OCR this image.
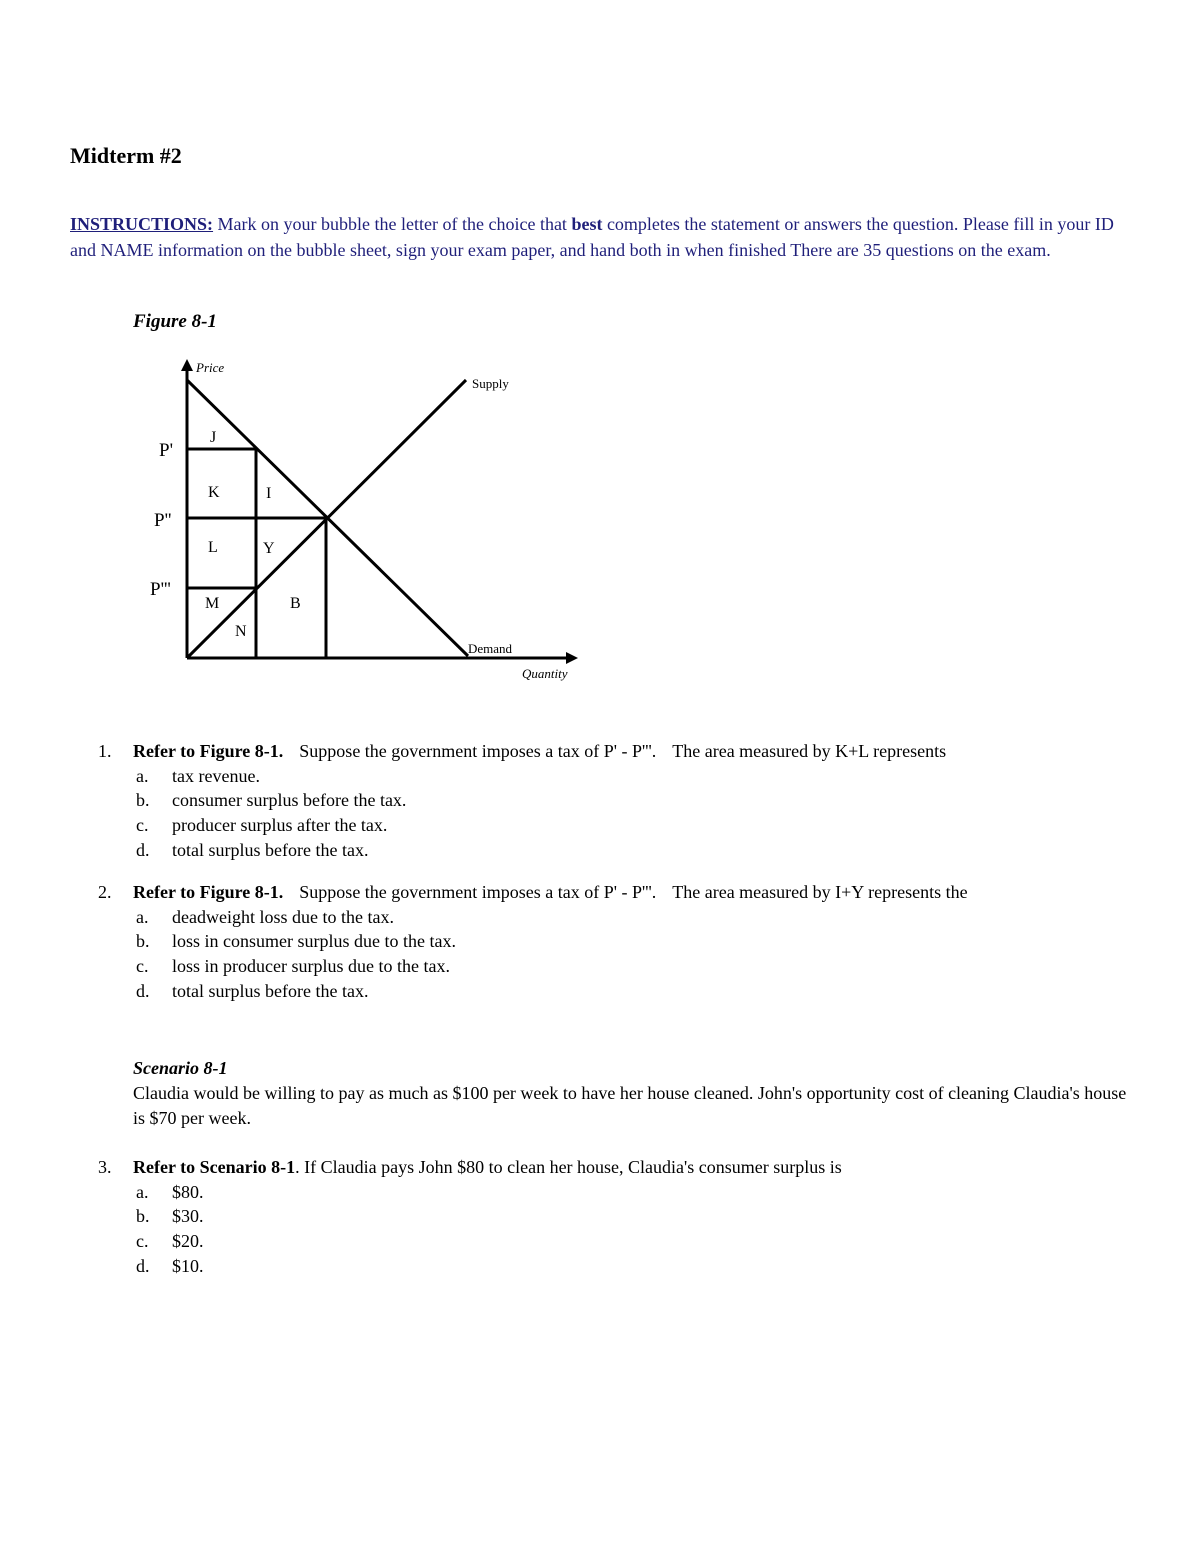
Midterm #2
INSTRUCTIONS: Mark on your bubble the letter of the choice that best completes the statement or answers the question. Please fill in your ID and NAME information on the bubble sheet, sign your exam paper, and hand both in when finished There are 35 questions on the exam.
Figure 8-1
Price
Quantity
Supply
Demand
P'
P''
P'''
J
K	I
L	Y
M	B
N
1. Refer to Figure 8-1. Suppose the government imposes a tax of P' - P'''. The area measured by K+L represents
a. tax revenue.
b. consumer surplus before the tax.
c. producer surplus after the tax.
d. total surplus before the tax.
2. Refer to Figure 8-1. Suppose the government imposes a tax of P' - P'''. The area measured by I+Y represents the
a. deadweight loss due to the tax.
b. loss in consumer surplus due to the tax.
c. loss in producer surplus due to the tax.
d. total surplus before the tax.
Scenario 8-1
Claudia would be willing to pay as much as $100 per week to have her house cleaned. John's opportunity cost of cleaning Claudia's house is $70 per week.
3. Refer to Scenario 8-1. If Claudia pays John $80 to clean her house, Claudia's consumer surplus is
a. $80.
b. $30.
c. $20.
d. $10.
